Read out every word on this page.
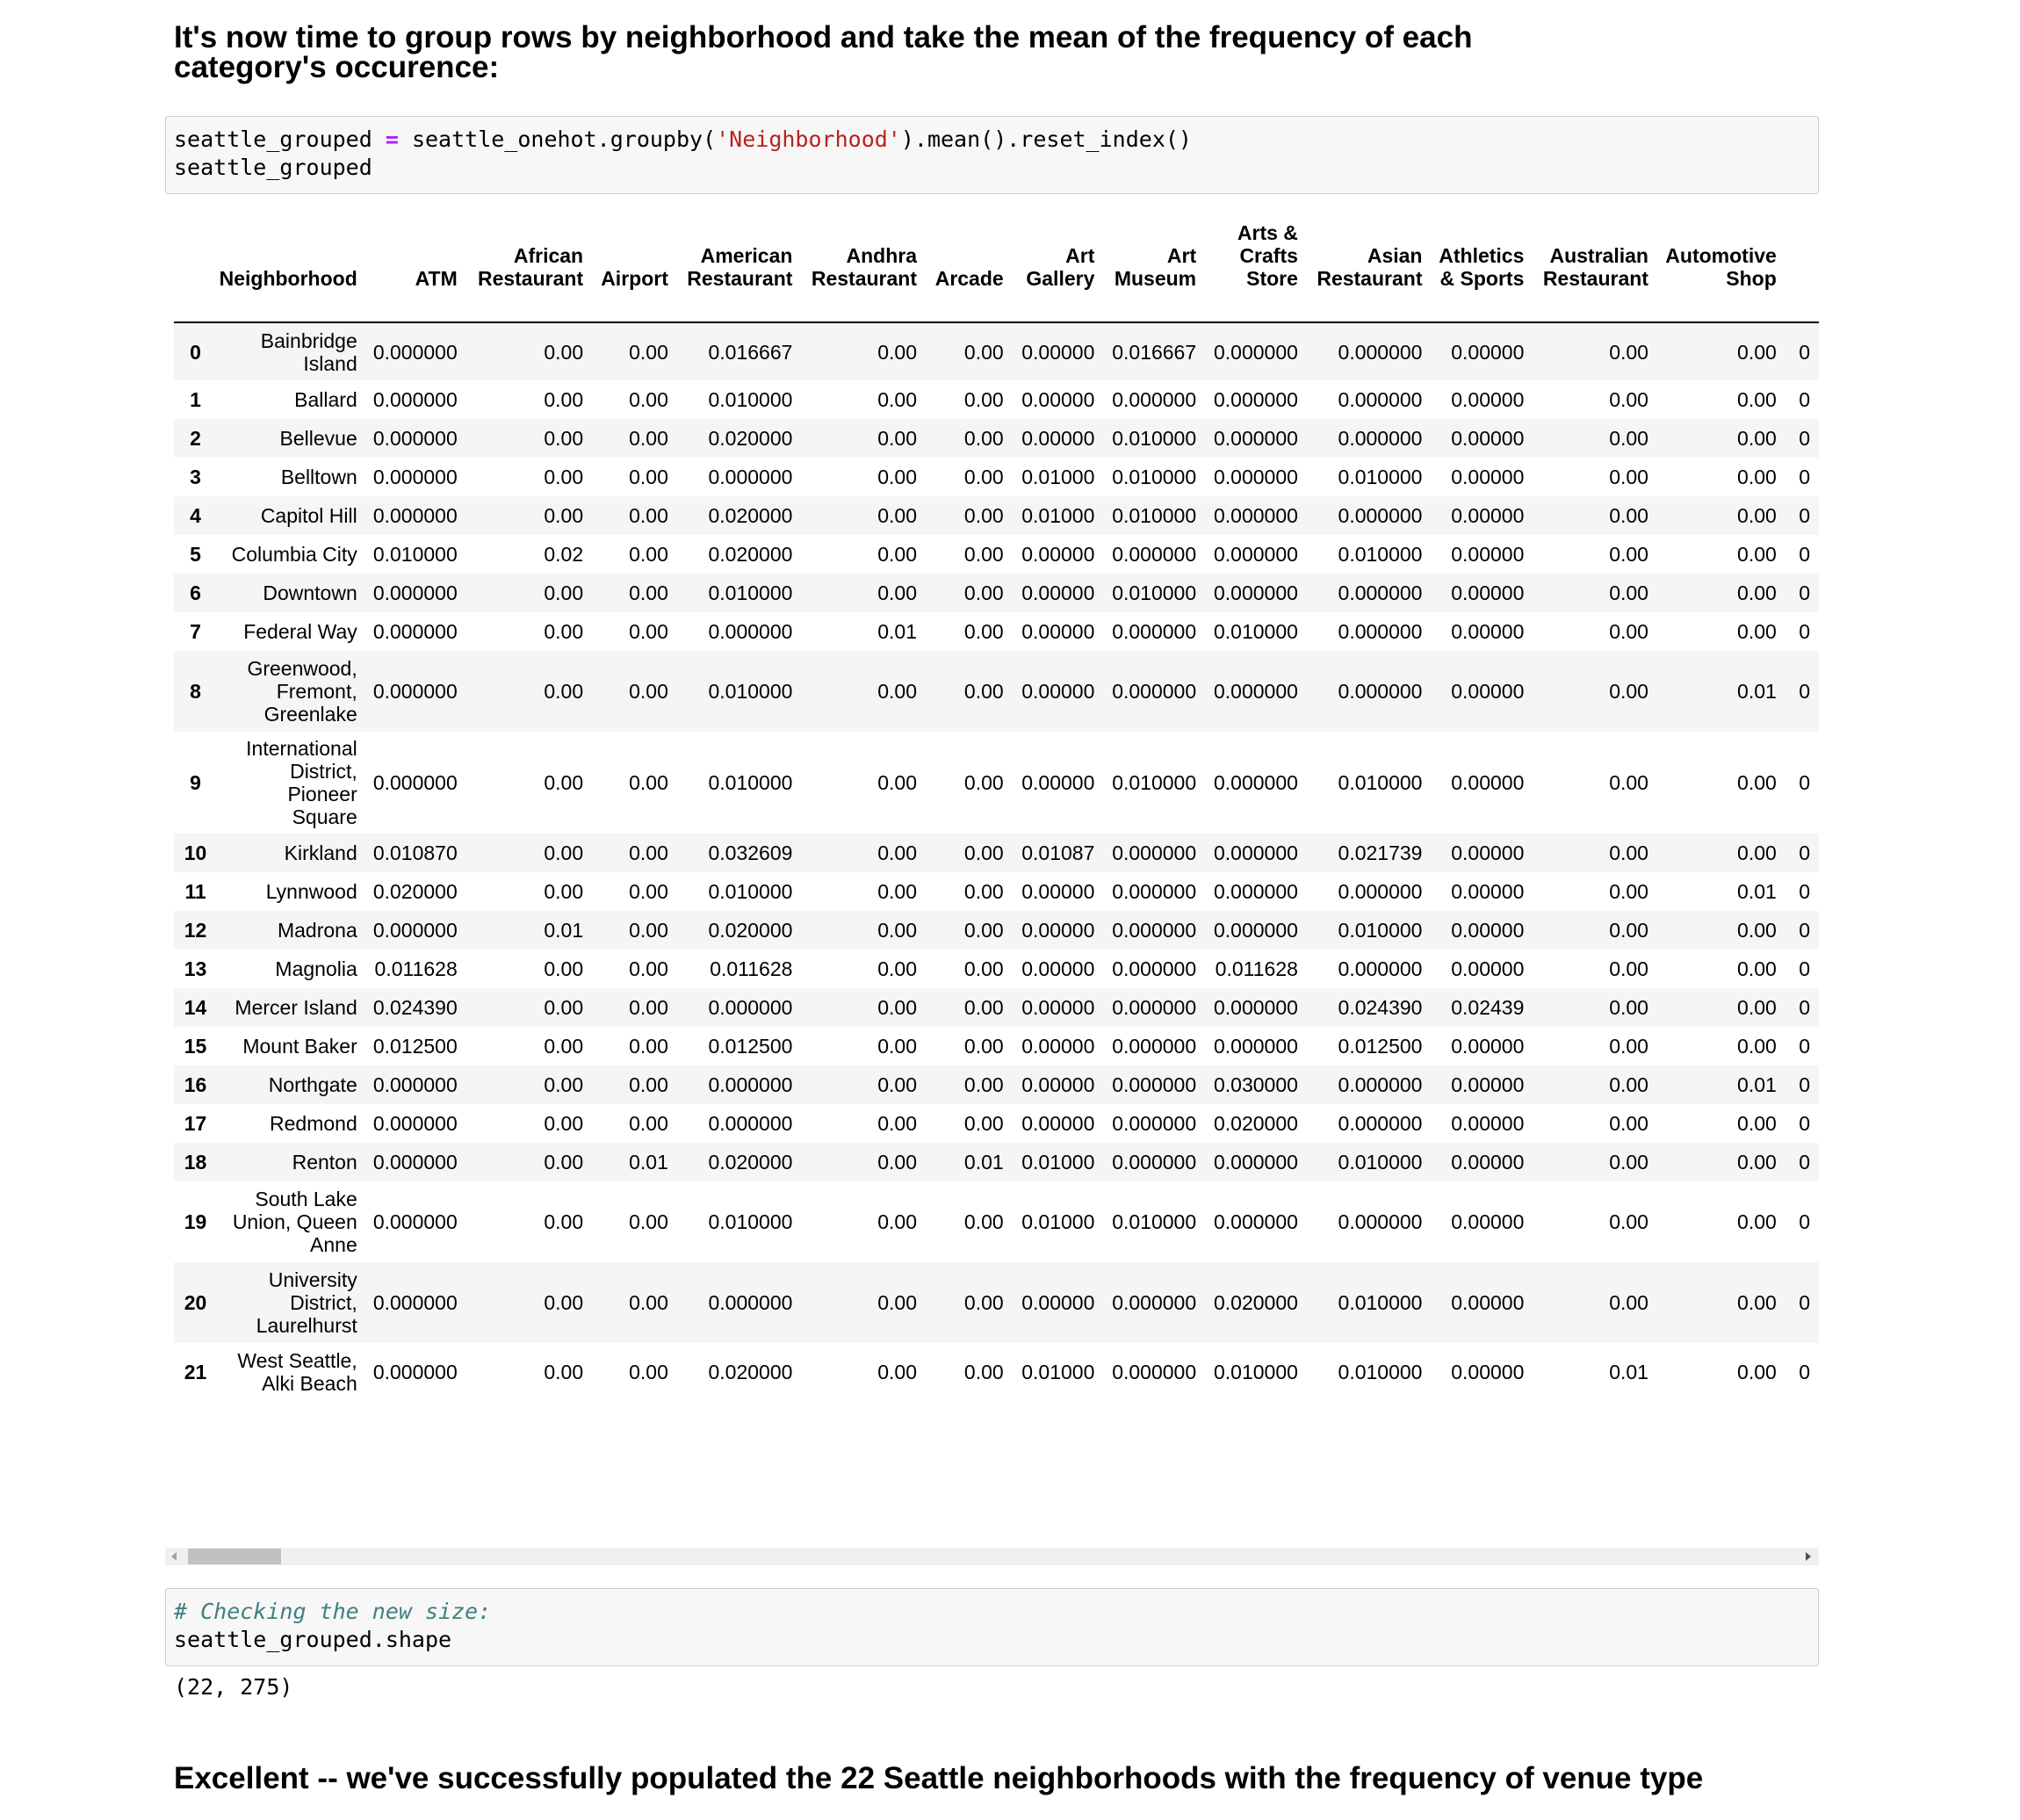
It's now time to group rows by neighborhood and take the mean of the frequency of each category's occurence:
seattle_grouped = seattle_onehot.groupby('Neighborhood').mean().reset_index()
seattle_grouped
	Neighborhood	ATM	African Restaurant	Airport	American Restaurant	Andhra Restaurant	Arcade	Art Gallery	Art Museum	Arts & Crafts Store	Asian Restaurant	Athletics & Sports	Australian Restaurant	Automotive Shop	
0	Bainbridge Island	0.000000	0.00	0.00	0.016667	0.00	0.00	0.00000	0.016667	0.000000	0.000000	0.00000	0.00	0.00	0
1	Ballard	0.000000	0.00	0.00	0.010000	0.00	0.00	0.00000	0.000000	0.000000	0.000000	0.00000	0.00	0.00	0
2	Bellevue	0.000000	0.00	0.00	0.020000	0.00	0.00	0.00000	0.010000	0.000000	0.000000	0.00000	0.00	0.00	0
3	Belltown	0.000000	0.00	0.00	0.000000	0.00	0.00	0.01000	0.010000	0.000000	0.010000	0.00000	0.00	0.00	0
4	Capitol Hill	0.000000	0.00	0.00	0.020000	0.00	0.00	0.01000	0.010000	0.000000	0.000000	0.00000	0.00	0.00	0
5	Columbia City	0.010000	0.02	0.00	0.020000	0.00	0.00	0.00000	0.000000	0.000000	0.010000	0.00000	0.00	0.00	0
6	Downtown	0.000000	0.00	0.00	0.010000	0.00	0.00	0.00000	0.010000	0.000000	0.000000	0.00000	0.00	0.00	0
7	Federal Way	0.000000	0.00	0.00	0.000000	0.01	0.00	0.00000	0.000000	0.010000	0.000000	0.00000	0.00	0.00	0
8	Greenwood, Fremont, Greenlake	0.000000	0.00	0.00	0.010000	0.00	0.00	0.00000	0.000000	0.000000	0.000000	0.00000	0.00	0.01	0
9	International District, Pioneer Square	0.000000	0.00	0.00	0.010000	0.00	0.00	0.00000	0.010000	0.000000	0.010000	0.00000	0.00	0.00	0
10	Kirkland	0.010870	0.00	0.00	0.032609	0.00	0.00	0.01087	0.000000	0.000000	0.021739	0.00000	0.00	0.00	0
11	Lynnwood	0.020000	0.00	0.00	0.010000	0.00	0.00	0.00000	0.000000	0.000000	0.000000	0.00000	0.00	0.01	0
12	Madrona	0.000000	0.01	0.00	0.020000	0.00	0.00	0.00000	0.000000	0.000000	0.010000	0.00000	0.00	0.00	0
13	Magnolia	0.011628	0.00	0.00	0.011628	0.00	0.00	0.00000	0.000000	0.011628	0.000000	0.00000	0.00	0.00	0
14	Mercer Island	0.024390	0.00	0.00	0.000000	0.00	0.00	0.00000	0.000000	0.000000	0.024390	0.02439	0.00	0.00	0
15	Mount Baker	0.012500	0.00	0.00	0.012500	0.00	0.00	0.00000	0.000000	0.000000	0.012500	0.00000	0.00	0.00	0
16	Northgate	0.000000	0.00	0.00	0.000000	0.00	0.00	0.00000	0.000000	0.030000	0.000000	0.00000	0.00	0.01	0
17	Redmond	0.000000	0.00	0.00	0.000000	0.00	0.00	0.00000	0.000000	0.020000	0.000000	0.00000	0.00	0.00	0
18	Renton	0.000000	0.00	0.01	0.020000	0.00	0.01	0.01000	0.000000	0.000000	0.010000	0.00000	0.00	0.00	0
19	South Lake Union, Queen Anne	0.000000	0.00	0.00	0.010000	0.00	0.00	0.01000	0.010000	0.000000	0.000000	0.00000	0.00	0.00	0
20	University District, Laurelhurst	0.000000	0.00	0.00	0.000000	0.00	0.00	0.00000	0.000000	0.020000	0.010000	0.00000	0.00	0.00	0
21	West Seattle, Alki Beach	0.000000	0.00	0.00	0.020000	0.00	0.00	0.01000	0.000000	0.010000	0.010000	0.00000	0.01	0.00	0
# Checking the new size:
seattle_grouped.shape
(22, 275)
Excellent -- we've successfully populated the 22 Seattle neighborhoods with the frequency of venue type
